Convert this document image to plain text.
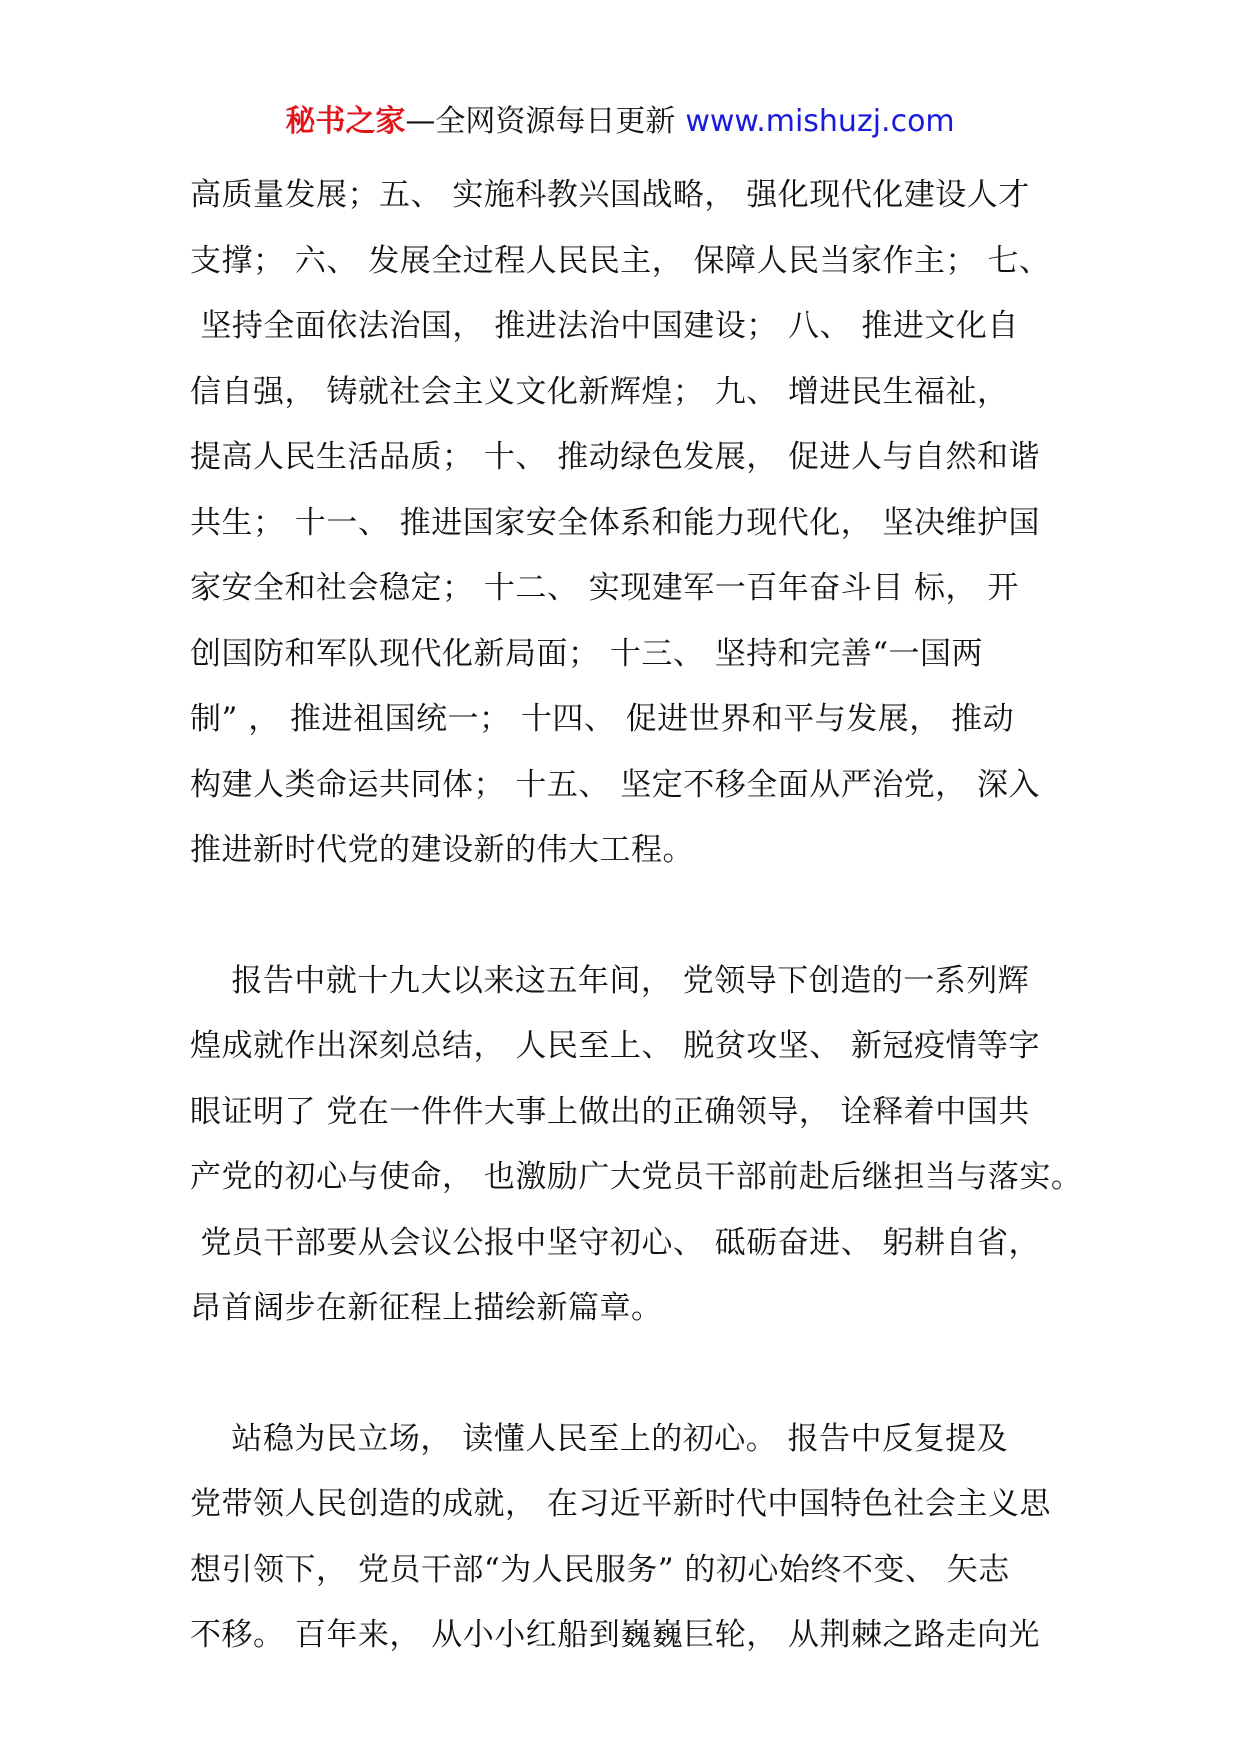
秘书之家—全网资源每日更新 www.mishuzj.com
高质量发展；五、 实施科教兴国战略， 强化现代化建设人才
支撑； 六、 发展全过程人民民主， 保障人民当家作主； 七、
坚持全面依法治国， 推进法治中国建设； 八、 推进文化自
信自强， 铸就社会主义文化新辉煌； 九、 增进民生福祉，
提高人民生活品质； 十、 推动绿色发展， 促进人与自然和谐
共生； 十一、 推进国家安全体系和能力现代化， 坚决维护国
家安全和社会稳定； 十二、 实现建军一百年奋斗目 标， 开
创国防和军队现代化新局面； 十三、 坚持和完善“一国两
制” ， 推进祖国统一； 十四、 促进世界和平与发展， 推动
构建人类命运共同体； 十五、 坚定不移全面从严治党， 深入
推进新时代党的建设新的伟大工程。
报告中就十九大以来这五年间， 党领导下创造的一系列辉
煌成就作出深刻总结， 人民至上、 脱贫攻坚、 新冠疫情等字
眼证明了 党在一件件大事上做出的正确领导， 诠释着中国共
产党的初心与使命， 也激励广大党员干部前赴后继担当与落实。
党员干部要从会议公报中坚守初心、 砥砺奋进、 躬耕自省，
昂首阔步在新征程上描绘新篇章。
站稳为民立场， 读懂人民至上的初心。 报告中反复提及
党带领人民创造的成就， 在习近平新时代中国特色社会主义思
想引领下， 党员干部“为人民服务” 的初心始终不变、 矢志
不移。 百年来， 从小小红船到巍巍巨轮， 从荆棘之路走向光
